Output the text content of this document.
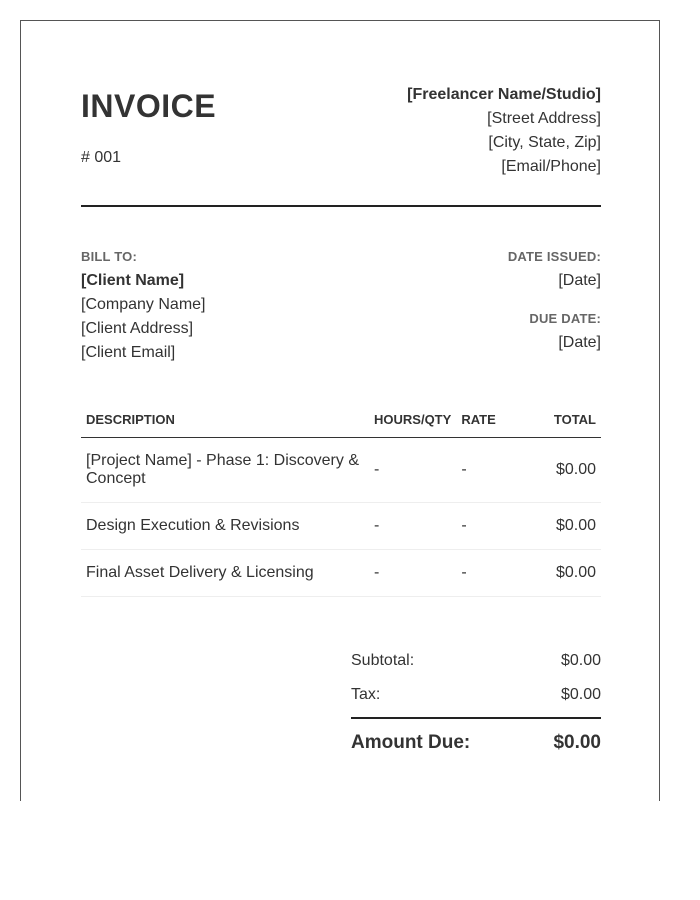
INVOICE
# 001
[Freelancer Name/Studio]
[Street Address]
[City, State, Zip]
[Email/Phone]
BILL TO:
[Client Name]
[Company Name]
[Client Address]
[Client Email]
DATE ISSUED:
[Date]
DUE DATE:
[Date]
DESCRIPTION	HOURS/QTY	RATE	TOTAL
[Project Name] - Phase 1: Discovery & Concept	-	-	$0.00
Design Execution & Revisions	-	-	$0.00
Final Asset Delivery & Licensing	-	-	$0.00
Subtotal:	$0.00
Tax:	$0.00
Amount Due:	$0.00
